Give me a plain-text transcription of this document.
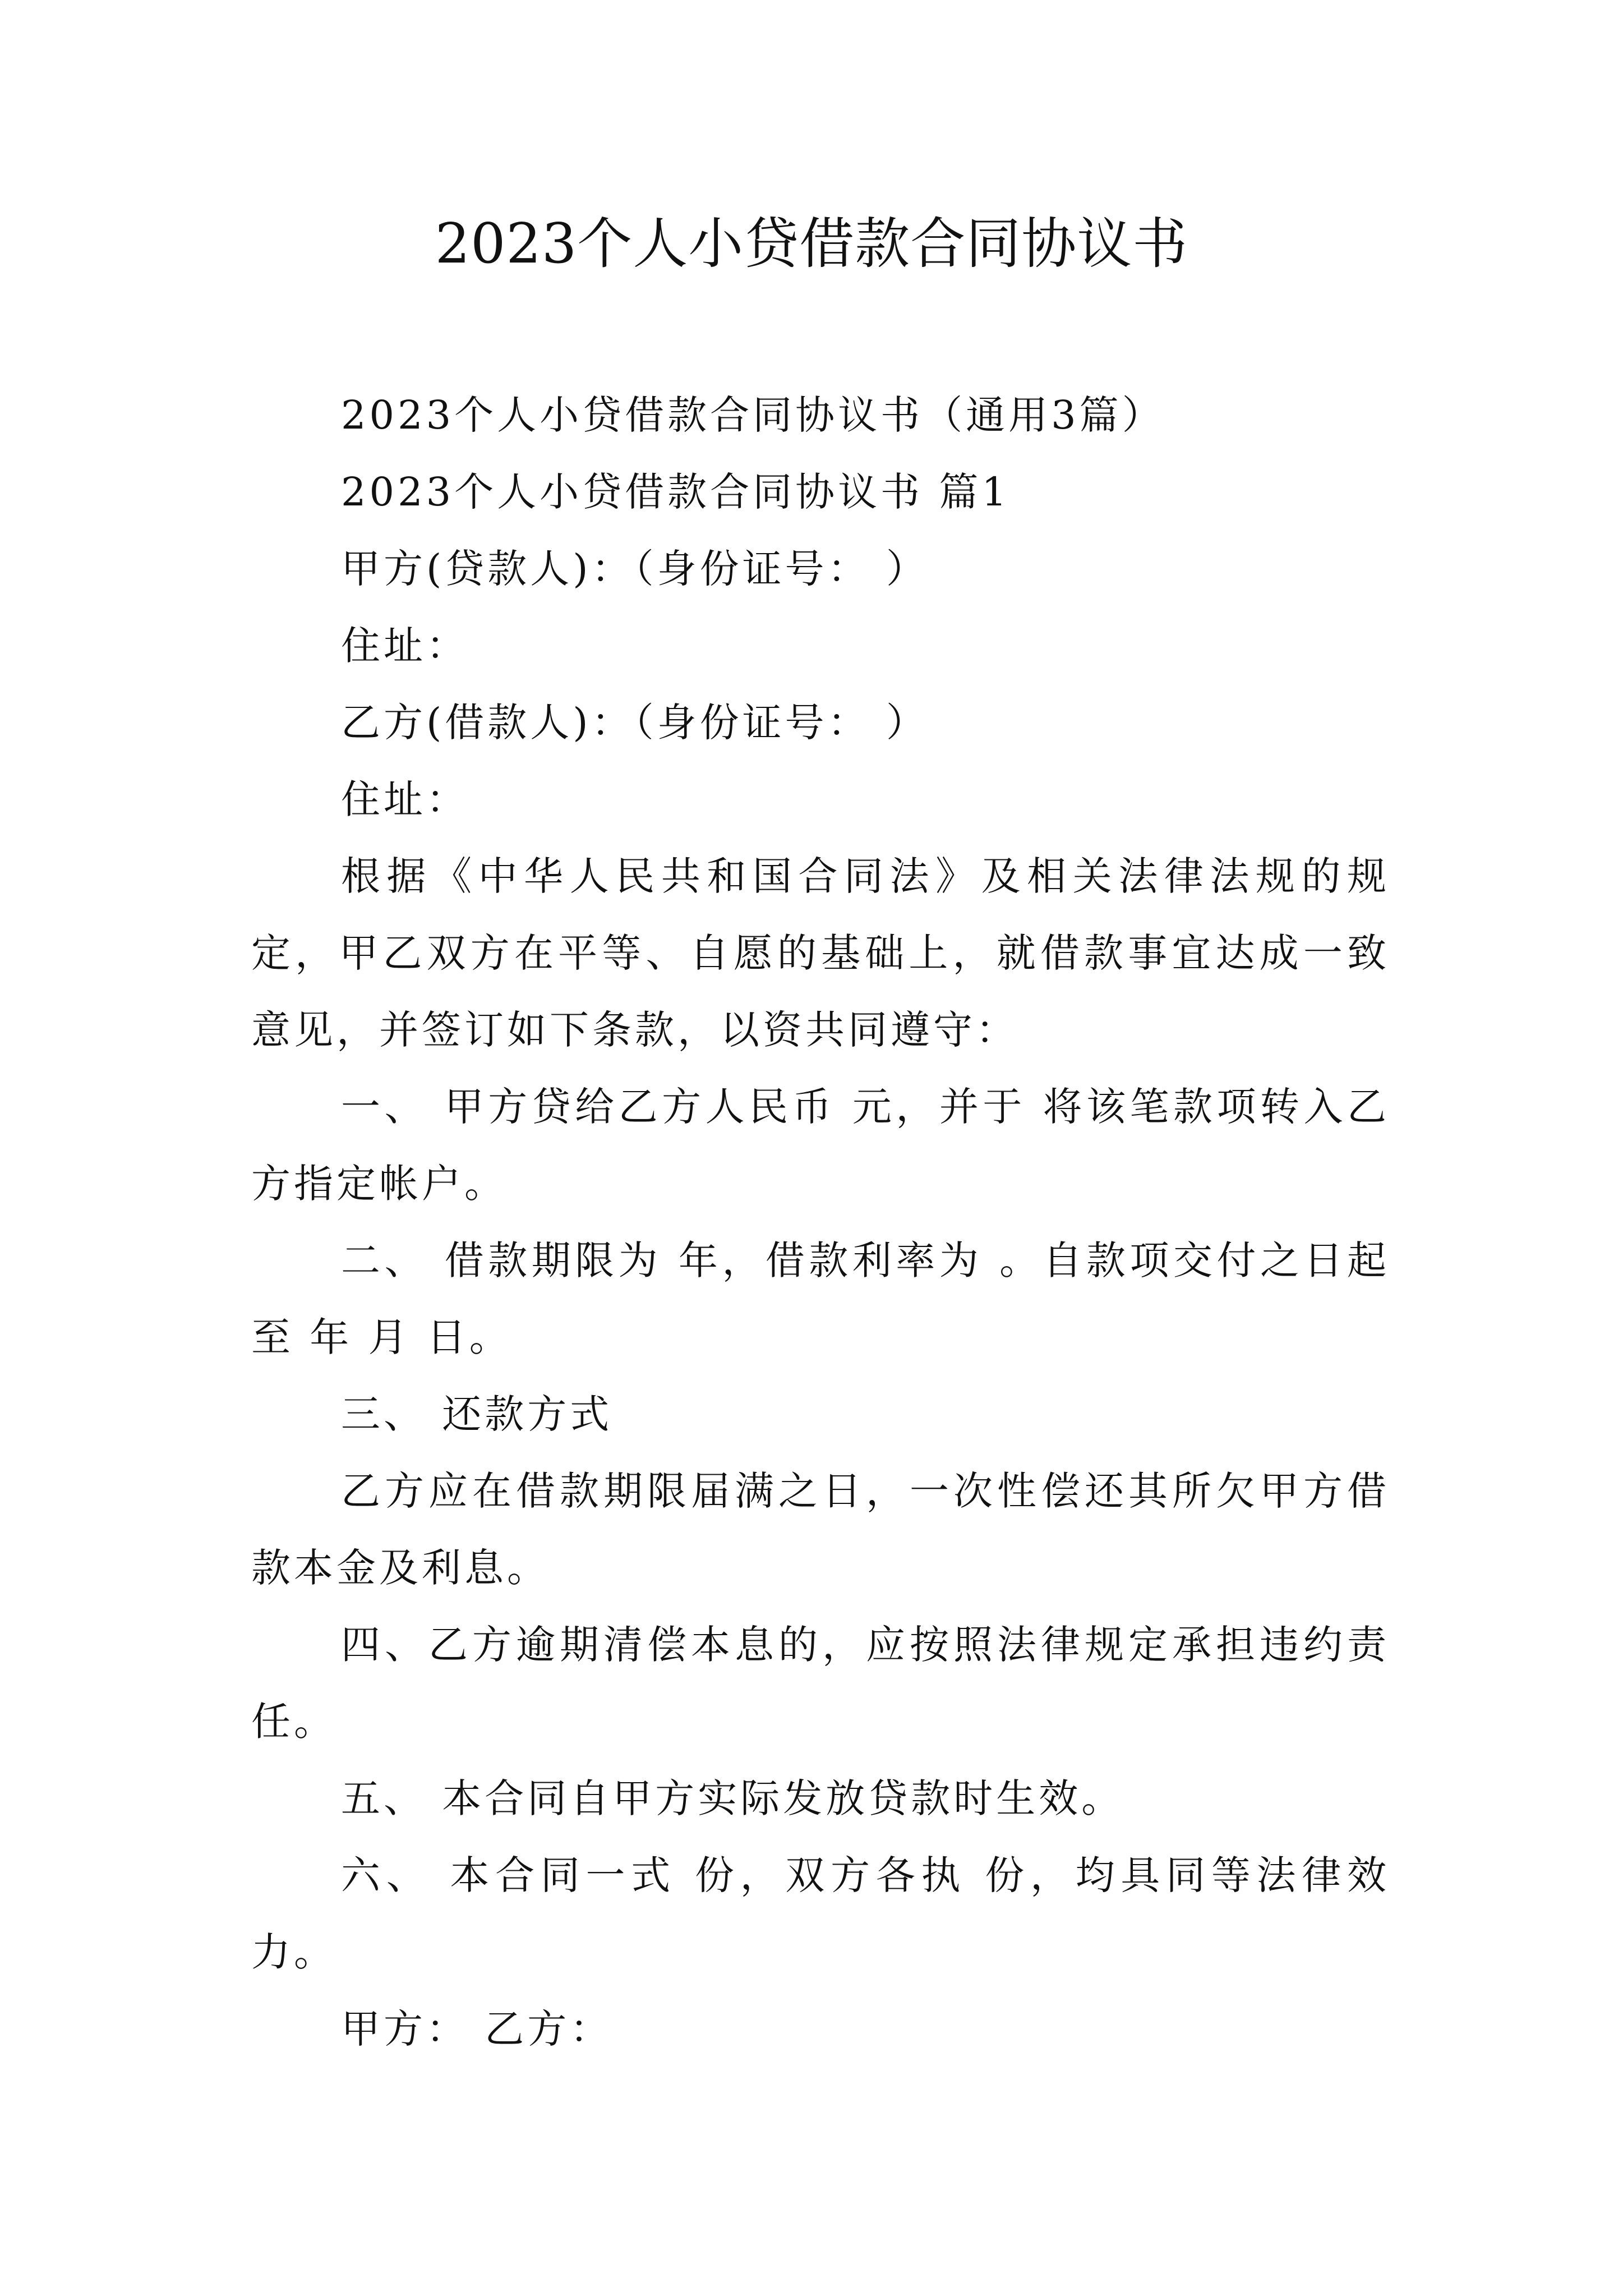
2023个人小贷借款合同协议书

2023个人小贷借款合同协议书（通用3篇）

2023个人小贷借款合同协议书 篇1

甲方(贷款人)：（身份证号： ）

住址：

乙方(借款人)：（身份证号： ）

住址：

根据《中华人民共和国合同法》及相关法律法规的规定，甲乙双方在平等、自愿的基础上，就借款事宜达成一致意见，并签订如下条款，以资共同遵守：

一、 甲方贷给乙方人民币 元，并于 将该笔款项转入乙方指定帐户。

二、 借款期限为 年，借款利率为 。自款项交付之日起至 年 月 日。

三、 还款方式

乙方应在借款期限届满之日，一次性偿还其所欠甲方借款本金及利息。

四、乙方逾期清偿本息的，应按照法律规定承担违约责任。

五、 本合同自甲方实际发放贷款时生效。

六、 本合同一式 份，双方各执 份，均具同等法律效力。

甲方： 乙方：
